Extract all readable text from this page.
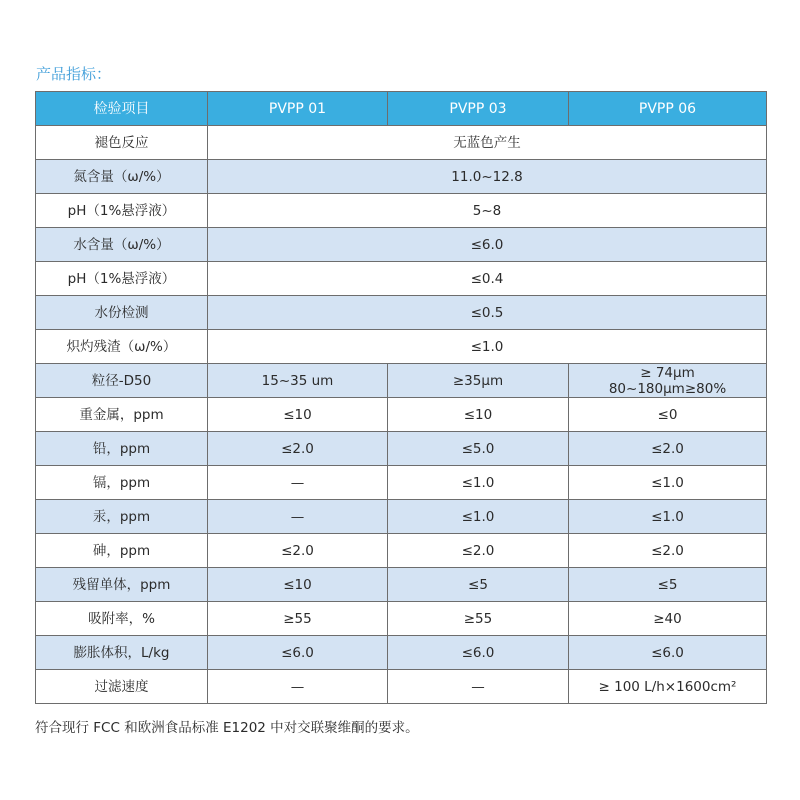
产品指标：
检验项目	PVPP 01	PVPP 03	PVPP 06
褪色反应	无蓝色产生		
氮含量（ω/%）	11.0~12.8		
pH（1%悬浮液）	5~8		
水含量（ω/%）	≤6.0		
pH（1%悬浮液）	≤0.4		
水份检测	≤0.5		
炽灼残渣（ω/%）	≤1.0		
粒径-D50	15~35 um	≥35μm	≥ 74μm
80~180μm≥80%

重金属，ppm	≤10	≤10	≤0
铅，ppm	≤2.0	≤5.0	≤2.0
镉，ppm	—	≤1.0	≤1.0
汞，ppm	—	≤1.0	≤1.0
砷，ppm	≤2.0	≤2.0	≤2.0
残留单体，ppm	≤10	≤5	≤5
吸附率，%	≥55	≥55	≥40
膨胀体积，L/kg	≤6.0	≤6.0	≤6.0
过滤速度	—	—	≥ 100 L/h×1600cm²
符合现行 FCC 和欧洲食品标准 E1202 中对交联聚维酮的要求。
